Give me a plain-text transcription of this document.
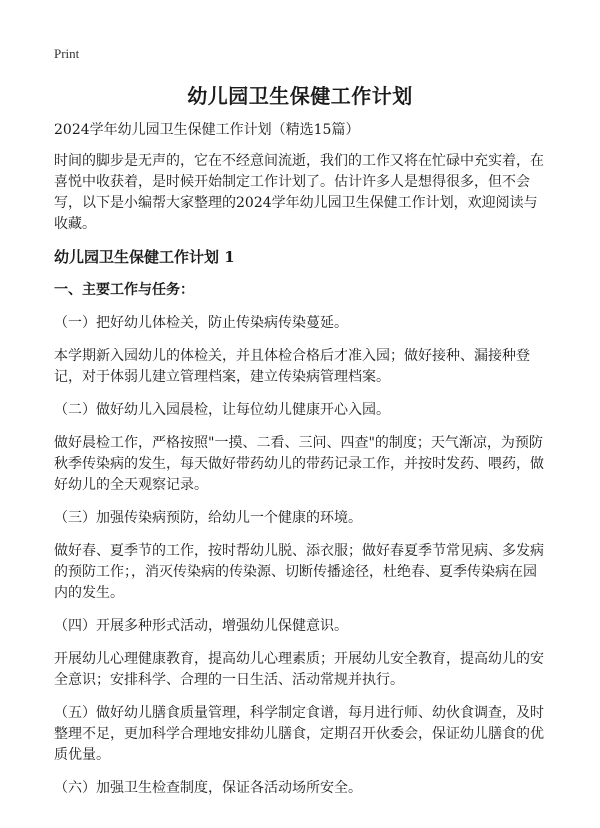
Print
幼儿园卫生保健工作计划

2024学年幼儿园卫生保健工作计划（精选15篇）

时间的脚步是无声的，它在不经意间流逝，我们的工作又将在忙碌中充实着，在喜悦中收获着，是时候开始制定工作计划了。估计许多人是想得很多，但不会写，以下是小编帮大家整理的2024学年幼儿园卫生保健工作计划，欢迎阅读与收藏。

幼儿园卫生保健工作计划 1

一、主要工作与任务：

（一）把好幼儿体检关，防止传染病传染蔓延。

本学期新入园幼儿的体检关，并且体检合格后才准入园；做好接种、漏接种登记，对于体弱儿建立管理档案，建立传染病管理档案。

（二）做好幼儿入园晨检，让每位幼儿健康开心入园。

做好晨检工作，严格按照"一摸、二看、三问、四查"的制度；天气渐凉，为预防秋季传染病的发生，每天做好带药幼儿的带药记录工作，并按时发药、喂药，做好幼儿的全天观察记录。

（三）加强传染病预防，给幼儿一个健康的环境。

做好春、夏季节的工作，按时帮幼儿脱、添衣服；做好春夏季节常见病、多发病的预防工作；，消灭传染病的传染源、切断传播途径，杜绝春、夏季传染病在园内的发生。

（四）开展多种形式活动，增强幼儿保健意识。

开展幼儿心理健康教育，提高幼儿心理素质；开展幼儿安全教育，提高幼儿的安全意识；安排科学、合理的一日生活、活动常规并执行。

（五）做好幼儿膳食质量管理，科学制定食谱，每月进行师、幼伙食调查，及时整理不足，更加科学合理地安排幼儿膳食，定期召开伙委会，保证幼儿膳食的优质优量。

（六）加强卫生检查制度，保证各活动场所安全。
